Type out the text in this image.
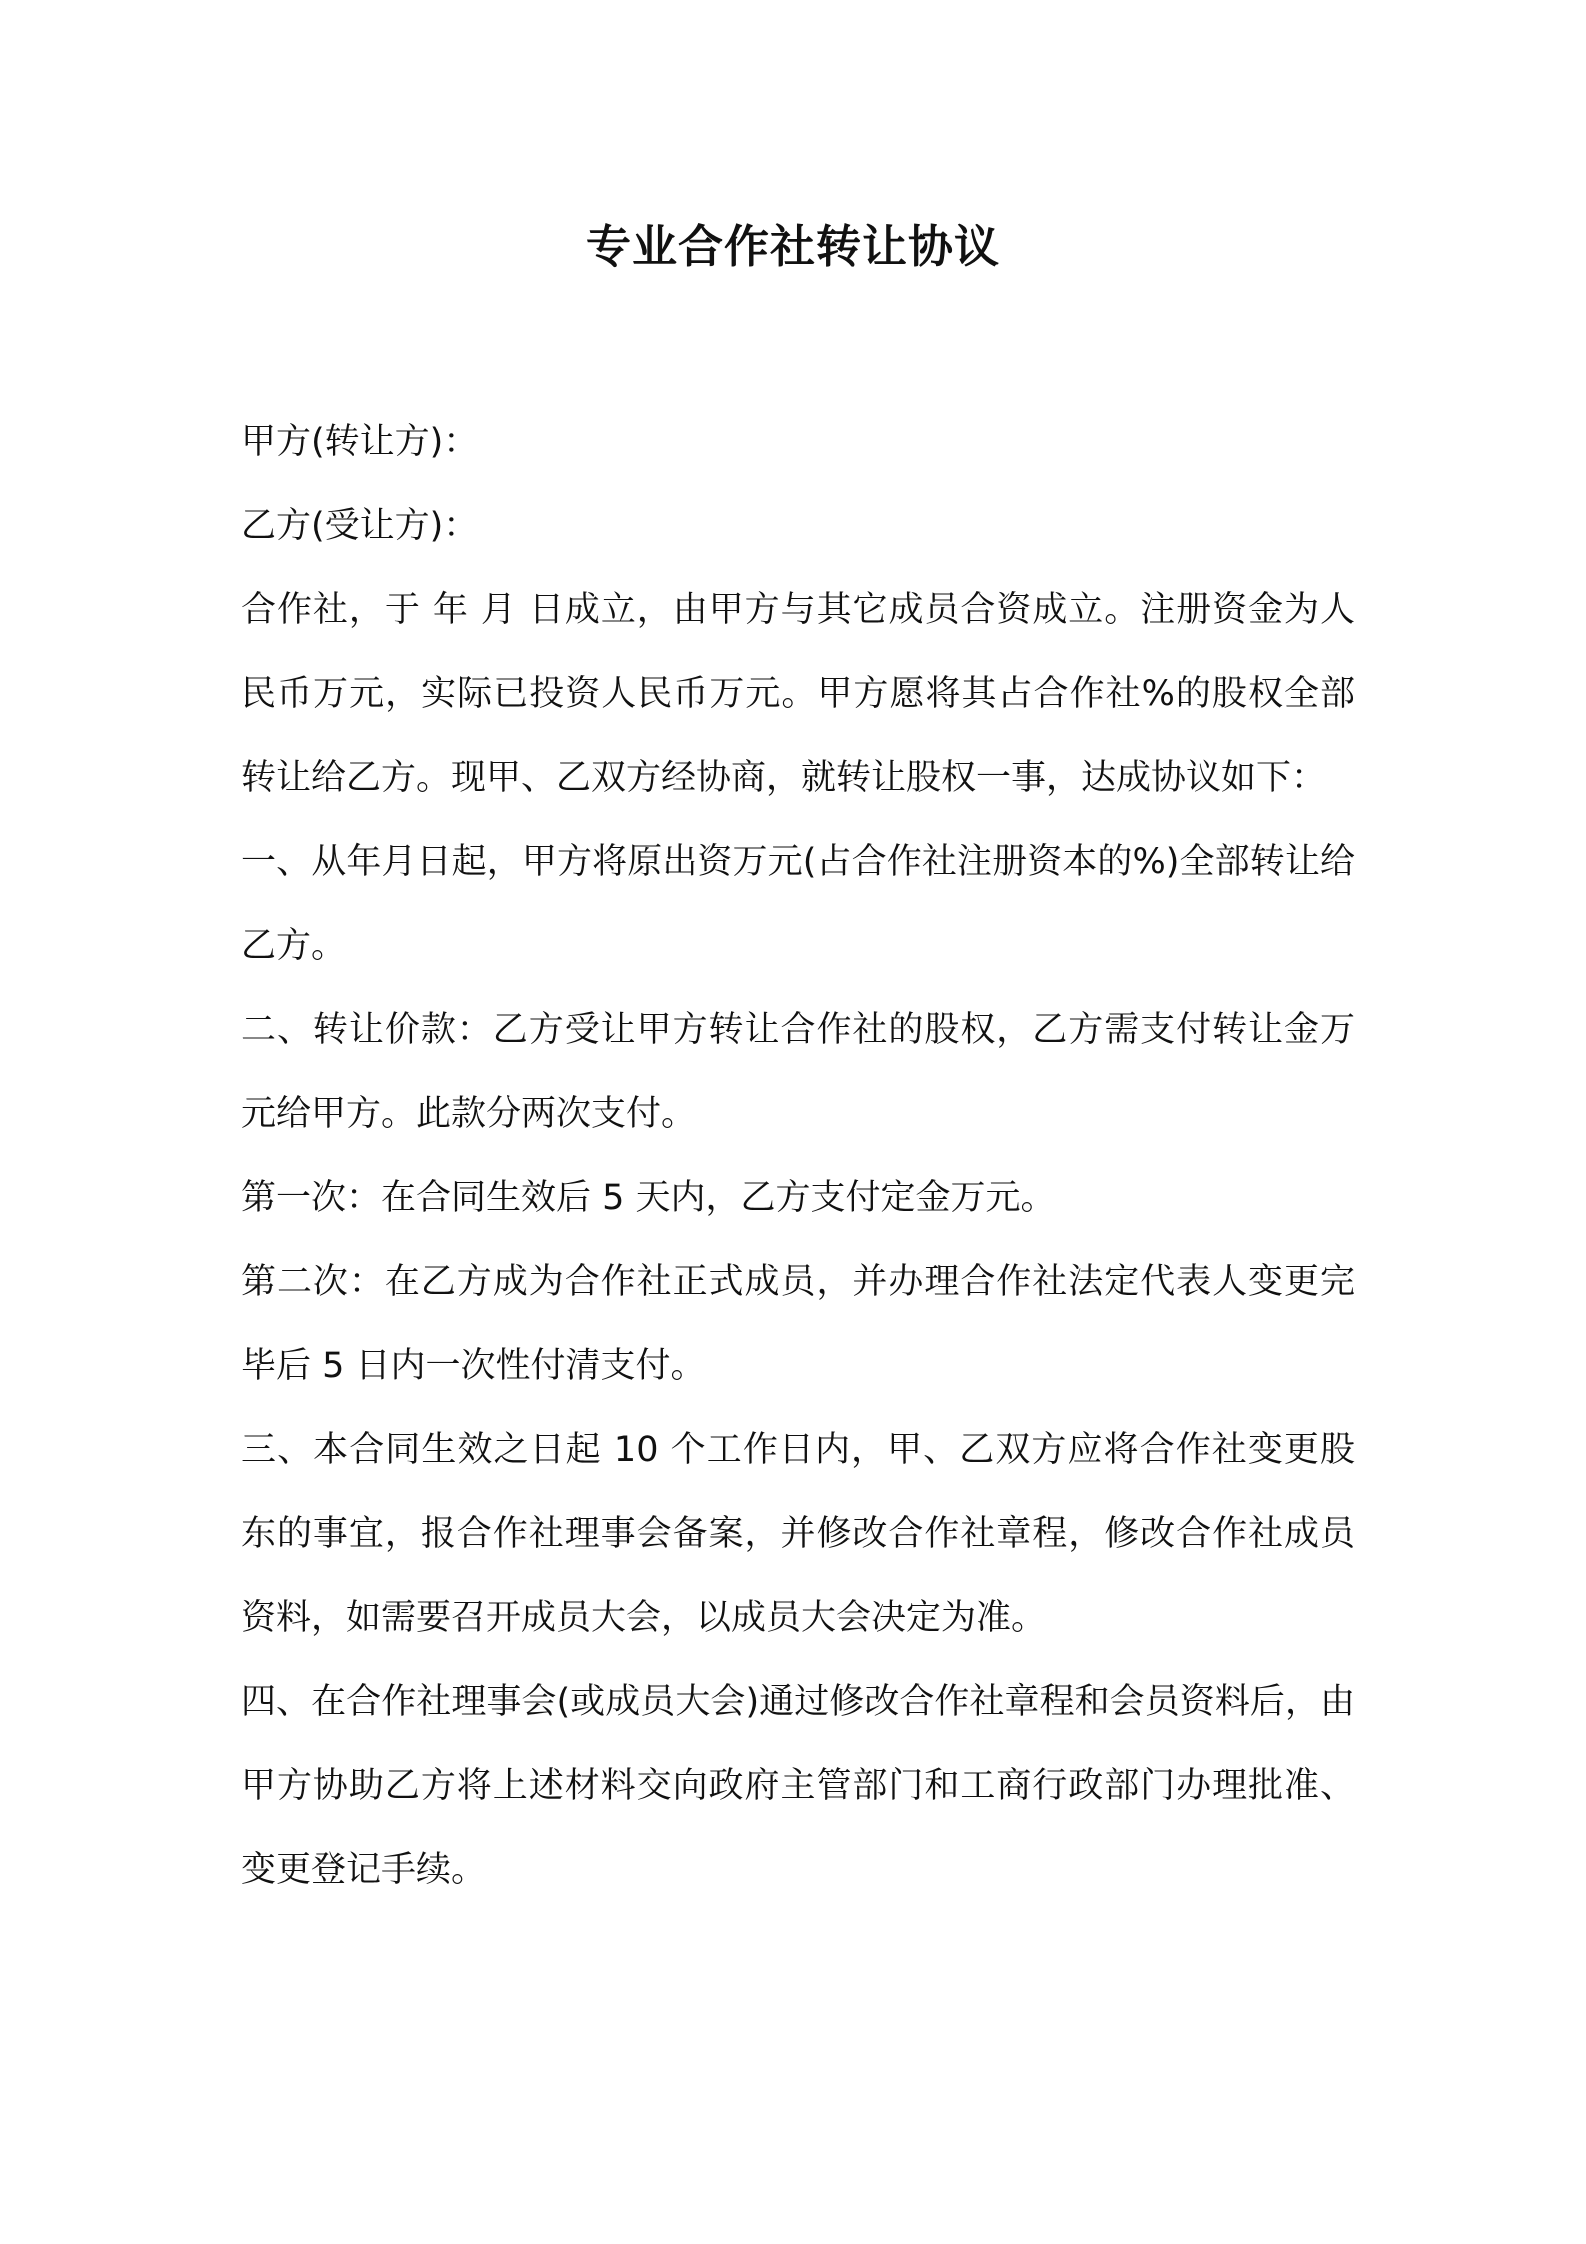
专业合作社转让协议

甲方(转让方)：

乙方(受让方)：

合作社，于 年 月 日成立，由甲方与其它成员合资成立。注册资金为人民币万元，实际已投资人民币万元。甲方愿将其占合作社%的股权全部转让给乙方。现甲、乙双方经协商，就转让股权一事，达成协议如下：

一、从年月日起，甲方将原出资万元(占合作社注册资本的%)全部转让给乙方。

二、转让价款：乙方受让甲方转让合作社的股权，乙方需支付转让金万元给甲方。此款分两次支付。

第一次：在合同生效后 5 天内，乙方支付定金万元。

第二次：在乙方成为合作社正式成员，并办理合作社法定代表人变更完毕后 5 日内一次性付清支付。

三、本合同生效之日起 10 个工作日内，甲、乙双方应将合作社变更股东的事宜，报合作社理事会备案，并修改合作社章程，修改合作社成员资料，如需要召开成员大会，以成员大会决定为准。

四、在合作社理事会(或成员大会)通过修改合作社章程和会员资料后，由甲方协助乙方将上述材料交向政府主管部门和工商行政部门办理批准、变更登记手续。
